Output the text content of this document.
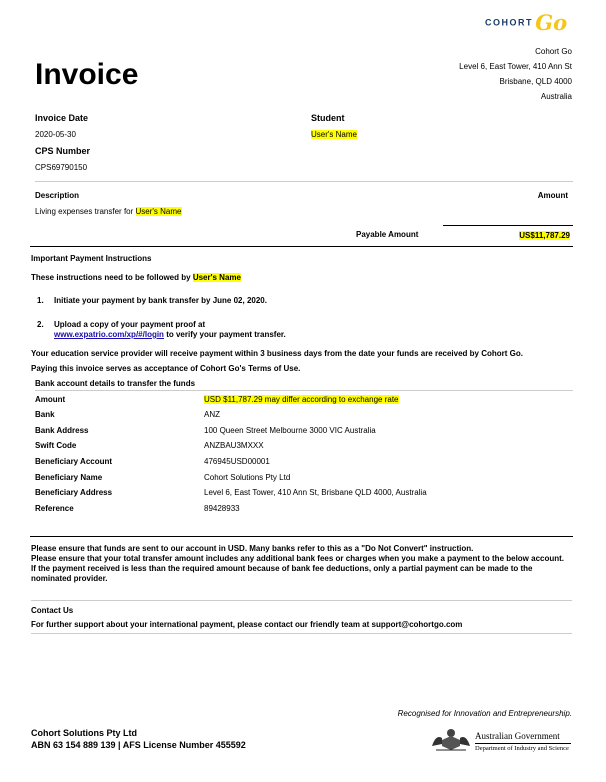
COHORT Go
Cohort Go
Level 6, East Tower, 410 Ann St
Brisbane, QLD 4000
Australia
Invoice
Invoice Date
2020-05-30
CPS Number
CPS69790150
Student
User's Name
Description	Amount
Living expenses transfer for User's Name
Payable Amount	US$11,787.29
Important Payment Instructions
These instructions need to be followed by User's Name
1. Initiate your payment by bank transfer by June 02, 2020.
2. Upload a copy of your payment proof at
www.expatrio.com/xp/#/login to verify your payment transfer.
Your education service provider will receive payment within 3 business days from the date your funds are received by Cohort Go.
Paying this invoice serves as acceptance of Cohort Go's Terms of Use.
Bank account details to transfer the funds
Amount	USD $11,787.29 may differ according to exchange rate
Bank	ANZ
Bank Address	100 Queen Street Melbourne 3000 VIC Australia
Swift Code	ANZBAU3MXXX
Beneficiary Account	476945USD00001
Beneficiary Name	Cohort Solutions Pty Ltd
Beneficiary Address	Level 6, East Tower, 410 Ann St, Brisbane QLD 4000, Australia
Reference	89428933
Please ensure that funds are sent to our account in USD. Many banks refer to this as a "Do Not Convert" instruction.
Please ensure that your total transfer amount includes any additional bank fees or charges when you make a payment to the below account.
If the payment received is less than the required amount because of bank fee deductions, only a partial payment can be made to the nominated provider.
Contact Us
For further support about your international payment, please contact our friendly team at support@cohortgo.com
Recognised for Innovation and Entrepreneurship.
Australian Government
Department of Industry and Science
Cohort Solutions Pty Ltd
ABN 63 154 889 139 | AFS License Number 455592
